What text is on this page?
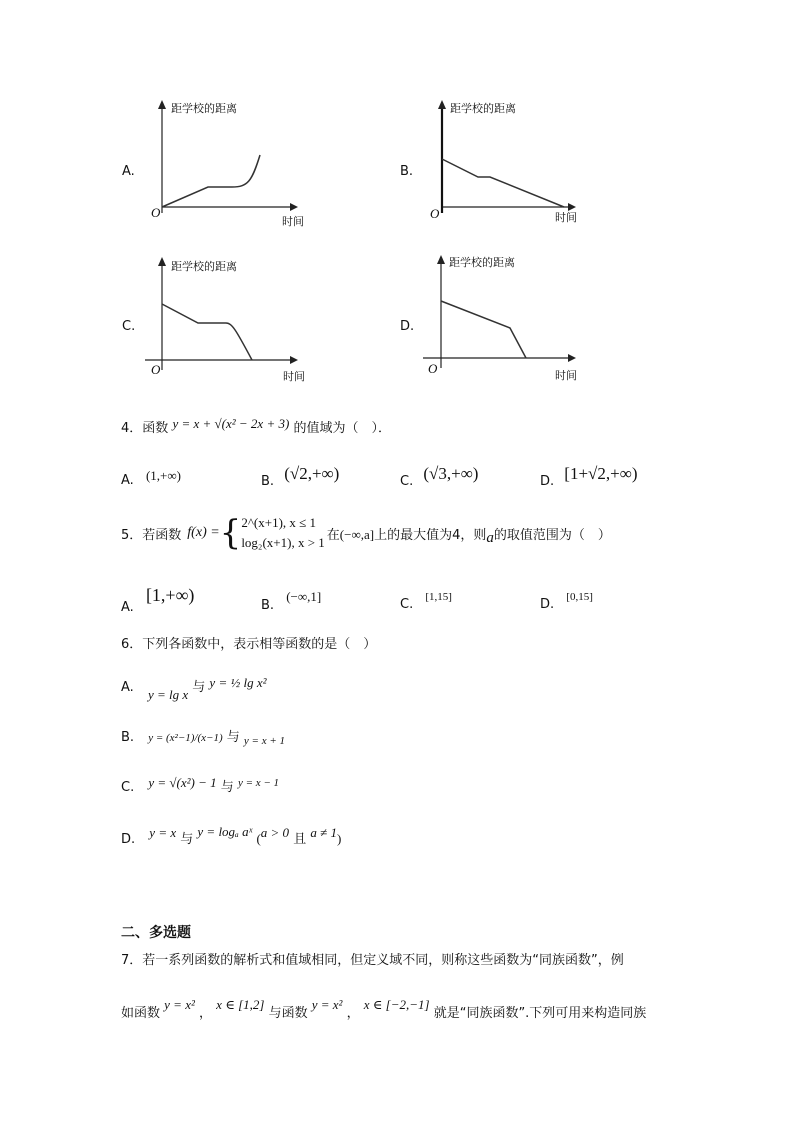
A.
距学校的距离
时间
O
B.
距学校的距离
时间
O
C.
距学校的距离
时间
O
D.
距学校的距离
时间
O
4．函数 y = x + √(x² − 2x + 3) 的值域为（　）．
A. (1,+∞)	B. (√2,+∞)	C. (√3,+∞)	D. [1+√2,+∞)
5． 若函数 f(x) = { 2^(x+1), x ≤ 1
log₂(x+1), x > 1 在 (−∞,a] 上的最大值为4，则 a 的取值范围为（　）
A. [1,+∞)
B. (−∞,1]
C. [1,15]	D. [0,15]
6．下列各函数中，表示相等函数的是（　）
A. y = lg x 与 y = ½ lg x²
B. y = (x²−1)/(x−1) 与 $_{y = x + 1}$
C. y = √(x²) − 1 与 $^{y = x - 1}$
D. y = x 与 y = logₐ aˣ (a > 0 且 a ≠ 1)
二、多选题
7．若一系列函数的解析式和值域相同，但定义域不同，则称这些函数为“同族函数”，例
如函数 y = x² ， x ∈ [1,2] 与函数 y = x² ， x ∈ [−2,−1] 就是“同族函数”.下列可用来构造同族
